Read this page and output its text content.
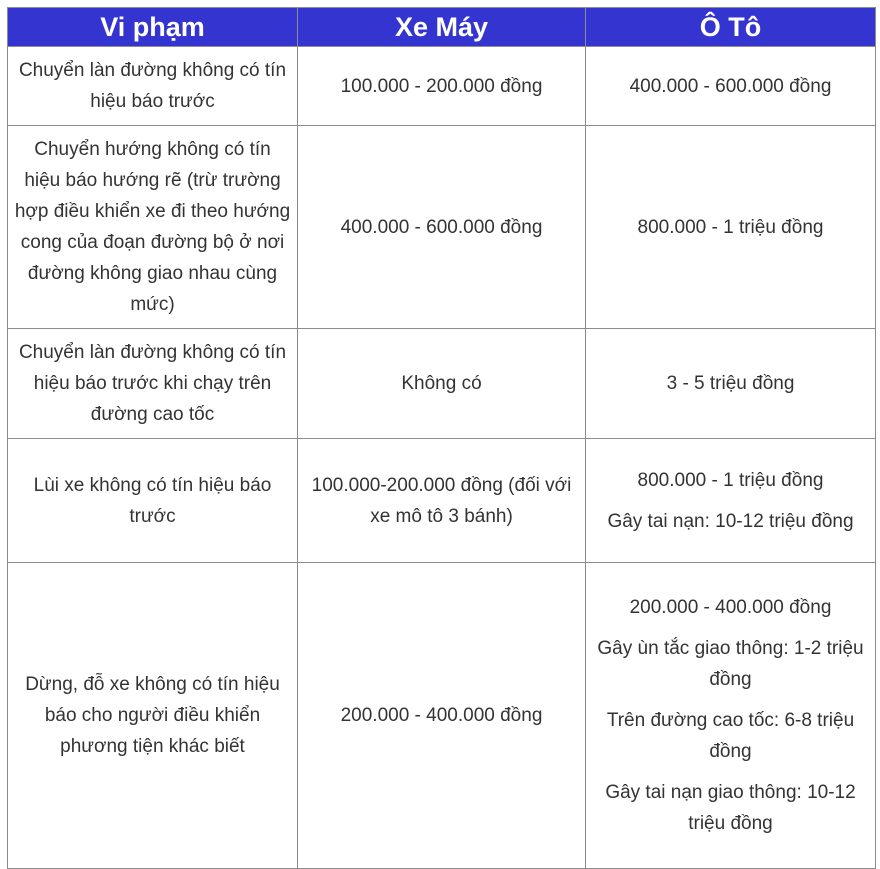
Vi phạm	Xe Máy	Ô Tô
Chuyển làn đường không có tín hiệu báo trước	100.000 - 200.000 đồng	400.000 - 600.000 đồng

Chuyển hướng không có tín hiệu báo hướng rẽ (trừ trường hợp điều khiển xe đi theo hướng cong của đoạn đường bộ ở nơi đường không giao nhau cùng mức)	400.000 - 600.000 đồng	800.000 - 1 triệu đồng

Chuyển làn đường không có tín hiệu báo trước khi chạy trên đường cao tốc	Không có	3 - 5 triệu đồng

Lùi xe không có tín hiệu báo trước	100.000-200.000 đồng (đối với xe mô tô 3 bánh)	800.000 - 1 triệu đồng
Gây tai nạn: 10-12 triệu đồng

Dừng, đỗ xe không có tín hiệu báo cho người điều khiển phương tiện khác biết	200.000 - 400.000 đồng	200.000 - 400.000 đồng
Gây ùn tắc giao thông: 1-2 triệu đồng
Trên đường cao tốc: 6-8 triệu đồng
Gây tai nạn giao thông: 10-12 triệu đồng
